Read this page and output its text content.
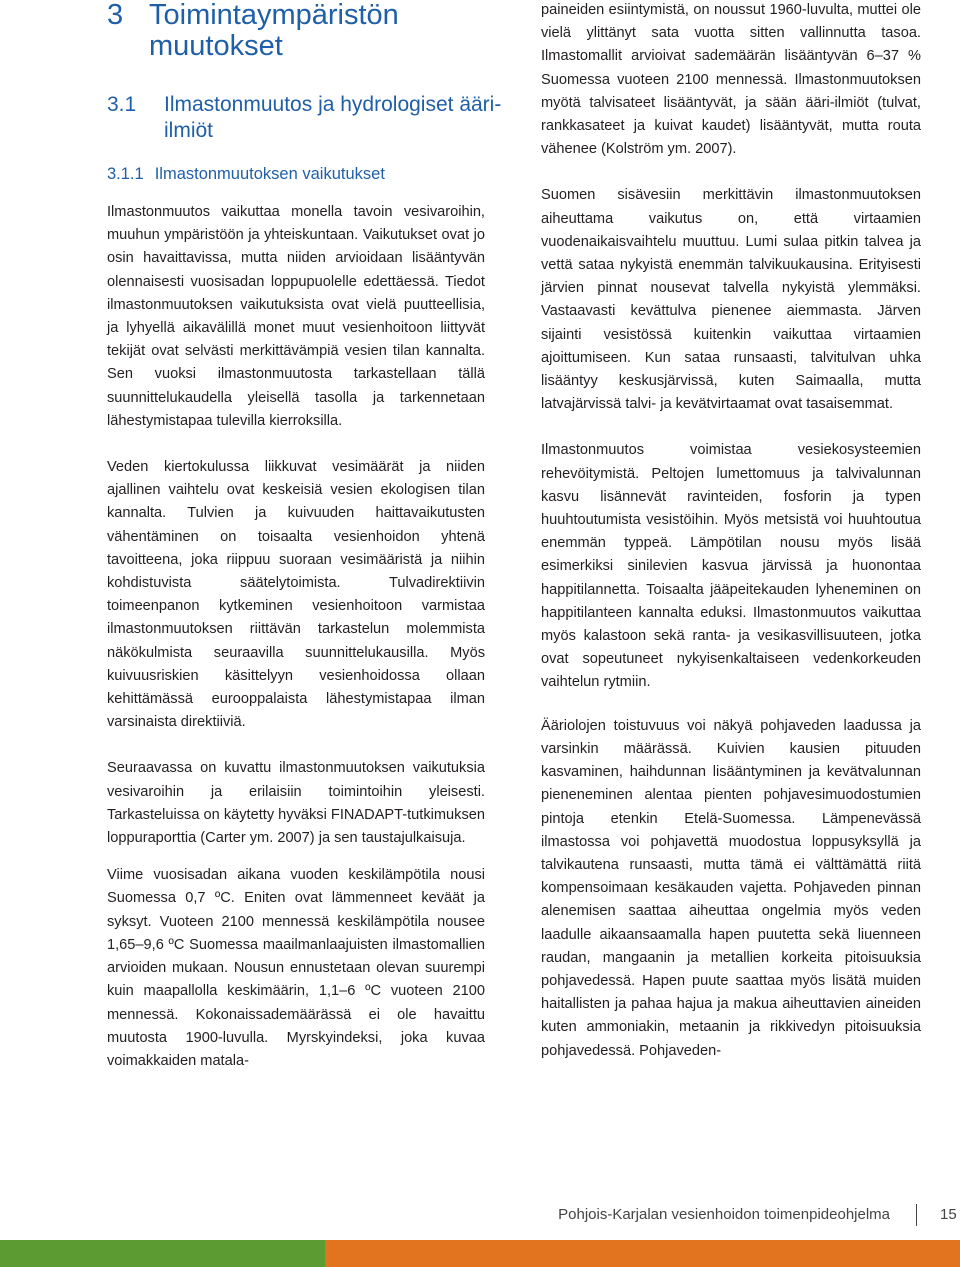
3 Toimintaympäristön muutokset
3.1 Ilmastonmuutos ja hydrologiset ääri-ilmiöt
3.1.1 Ilmastonmuutoksen vaikutukset

Ilmastonmuutos vaikuttaa monella tavoin vesivaroihin, muuhun ympäristöön ja yhteiskuntaan. Vaikutukset ovat jo osin havaittavissa, mutta niiden arvioidaan lisääntyvän olennaisesti vuosisadan loppupuolelle edettäessä. Tiedot ilmastonmuutoksen vaikutuksista ovat vielä puutteellisia, ja lyhyellä aikavälillä monet muut vesienhoitoon liittyvät tekijät ovat selvästi merkittävämpiä vesien tilan kannalta. Sen vuoksi ilmastonmuutosta tarkastellaan tällä suunnittelukaudella yleisellä tasolla ja tarkennetaan lähestymistapaa tulevilla kierroksilla.

Veden kiertokulussa liikkuvat vesimäärät ja niiden ajallinen vaihtelu ovat keskeisiä vesien ekologisen tilan kannalta. Tulvien ja kuivuuden haittavaikutusten vähentäminen on toisaalta vesienhoidon yhtenä tavoitteena, joka riippuu suoraan vesimääristä ja niihin kohdistuvista säätelytoimista. Tulvadirektiivin toimeenpanon kytkeminen vesienhoitoon varmistaa ilmastonmuutoksen riittävän tarkastelun molemmista näkökulmista seuraavilla suunnittelukausilla. Myös kuivuusriskien käsittelyyn vesienhoidossa ollaan kehittämässä eurooppalaista lähestymistapaa ilman varsinaista direktiiviä.

Seuraavassa on kuvattu ilmastonmuutoksen vaikutuksia vesivaroihin ja erilaisiin toimintoihin yleisesti. Tarkasteluissa on käytetty hyväksi FINADAPT-tutkimuksen loppuraporttia (Carter ym. 2007) ja sen taustajulkaisuja.

Viime vuosisadan aikana vuoden keskilämpötila nousi Suomessa 0,7 ºC. Eniten ovat lämmenneet keväät ja syksyt. Vuoteen 2100 mennessä keskilämpötila nousee 1,65–9,6 ºC Suomessa maailmanlaajuisten ilmastomallien arvioiden mukaan. Nousun ennustetaan olevan suurempi kuin maapallolla keskimäärin, 1,1–6 ºC vuoteen 2100 mennessä. Kokonaissademäärässä ei ole havaittu muutosta 1900-luvulla. Myrskyindeksi, joka kuvaa voimakkaiden matala-

paineiden esiintymistä, on noussut 1960-luvulta, muttei ole vielä ylittänyt sata vuotta sitten vallinnutta tasoa. Ilmastomallit arvioivat sademäärän lisääntyvän 6–37 % Suomessa vuoteen 2100 mennessä. Ilmastonmuutoksen myötä talvisateet lisääntyvät, ja sään ääri-ilmiöt (tulvat, rankkasateet ja kuivat kaudet) lisääntyvät, mutta routa vähenee (Kolström ym. 2007).

Suomen sisävesiin merkittävin ilmastonmuutoksen aiheuttama vaikutus on, että virtaamien vuodenaikaisvaihtelu muuttuu. Lumi sulaa pitkin talvea ja vettä sataa nykyistä enemmän talvikuukausina. Erityisesti järvien pinnat nousevat talvella nykyistä ylemmäksi. Vastaavasti kevättulva pienenee aiemmasta. Järven sijainti vesistössä kuitenkin vaikuttaa virtaamien ajoittumiseen. Kun sataa runsaasti, talvitulvan uhka lisääntyy keskusjärvissä, kuten Saimaalla, mutta latvajärvissä talvi- ja kevätvirtaamat ovat tasaisemmat.

Ilmastonmuutos voimistaa vesiekosysteemien rehevöitymistä. Peltojen lumettomuus ja talvivalunnan kasvu lisännevät ravinteiden, fosforin ja typen huuhtoutumista vesistöihin. Myös metsistä voi huuhtoutua enemmän typpeä. Lämpötilan nousu myös lisää esimerkiksi sinilevien kasvua järvissä ja huonontaa happitilannetta. Toisaalta jääpeitekauden lyheneminen on happitilanteen kannalta eduksi. Ilmastonmuutos vaikuttaa myös kalastoon sekä ranta- ja vesikasvillisuuteen, jotka ovat sopeutuneet nykyisenkaltaiseen vedenkorkeuden vaihtelun rytmiin.

Ääriolojen toistuvuus voi näkyä pohjaveden laadussa ja varsinkin määrässä. Kuivien kausien pituuden kasvaminen, haihdunnan lisääntyminen ja kevätvalunnan pieneneminen alentaa pienten pohjavesimuodostumien pintoja etenkin Etelä-Suomessa. Lämpenevässä ilmastossa voi pohjavettä muodostua loppusyksyllä ja talvikautena runsaasti, mutta tämä ei välttämättä riitä kompensoimaan kesäkauden vajetta. Pohjaveden pinnan alenemisen saattaa aiheuttaa ongelmia myös veden laadulle aikaansaamalla hapen puutetta sekä liuenneen raudan, mangaanin ja metallien korkeita pitoisuuksia pohjavedessä. Hapen puute saattaa myös lisätä muiden haitallisten ja pahaa hajua ja makua aiheuttavien aineiden kuten ammoniakin, metaanin ja rikkivedyn pitoisuuksia pohjavedessä. Pohjaveden-

Pohjois-Karjalan vesienhoidon toimenpideohjelma	15
